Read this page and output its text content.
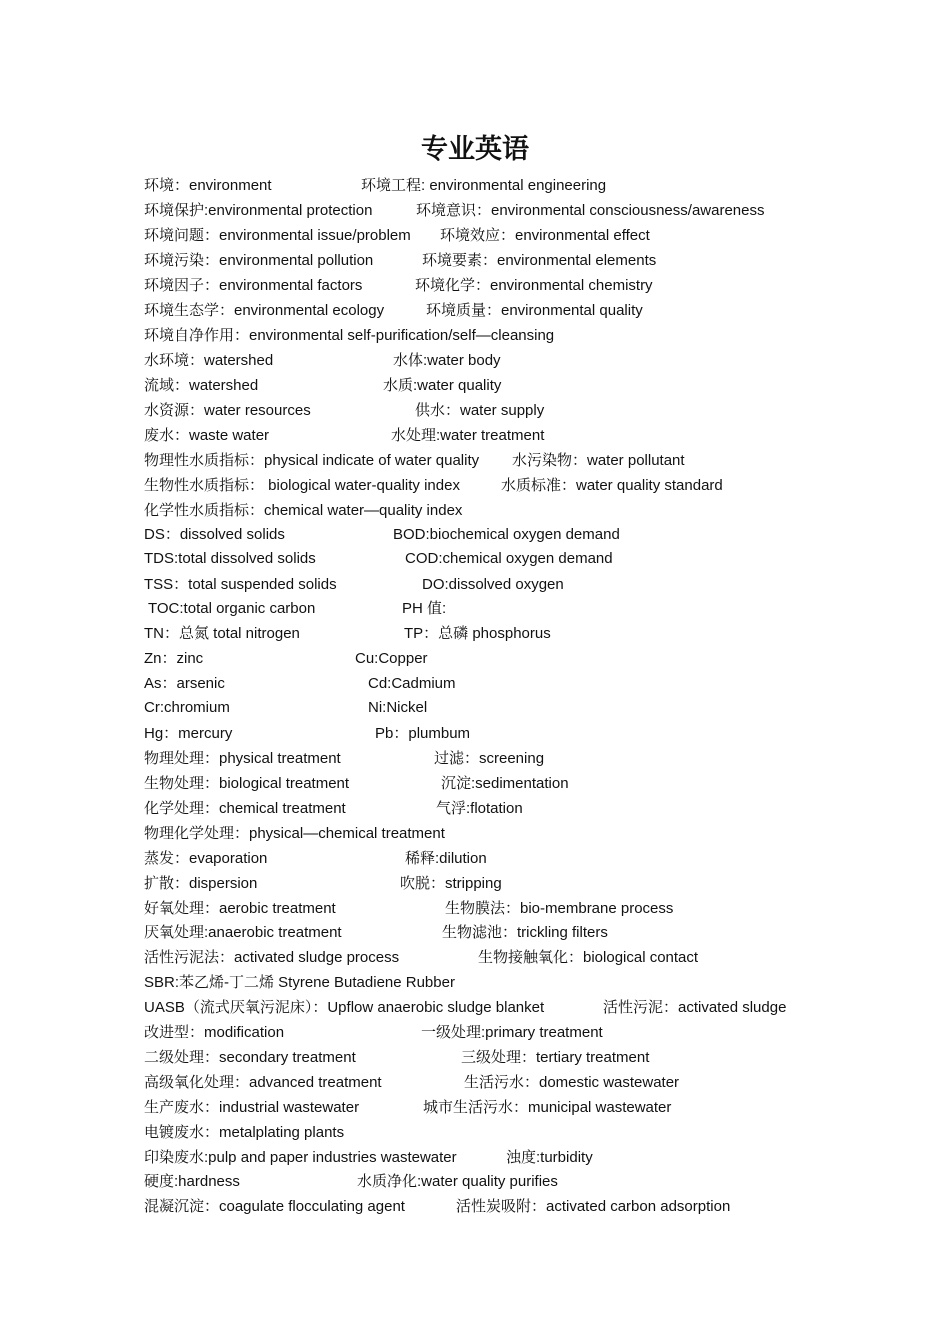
专业英语
环境：environment	环境工程: environmental engineering
环境保护:environmental protection	环境意识：environmental consciousness/awareness
环境问题：environmental issue/problem 环境效应：environmental effect
环境污染：environmental pollution	环境要素：environmental elements
环境因子：environmental factors	环境化学：environmental chemistry
环境生态学：environmental ecology	环境质量：environmental quality
环境自净作用：environmental self-purification/self—cleansing
水环境：watershed	水体:water body
流域：watershed	水质:water quality
水资源：water resources	供水：water supply
废水：waste water	水处理:water treatment
物理性水质指标：physical indicate of water quality 水污染物：water pollutant
生物性水质指标： biological water-quality index	水质标准：water quality standard
化学性水质指标：chemical water—quality index
DS：dissolved solids	BOD:biochemical oxygen demand
TDS:total dissolved solids	COD:chemical oxygen demand
TSS：total suspended solids	DO:dissolved oxygen
TOC:total organic carbon	PH 值:
TN：总氮 total nitrogen	TP：总磷 phosphorus
Zn：zinc	Cu:Copper
As：arsenic	Cd:Cadmium
Cr:chromium	Ni:Nickel
Hg：mercury	Pb：plumbum
物理处理：physical treatment	过滤：screening
生物处理：biological treatment	沉淀:sedimentation
化学处理：chemical treatment	气浮:flotation
物理化学处理：physical—chemical treatment
蒸发：evaporation	稀释:dilution
扩散：dispersion	吹脱：stripping
好氧处理：aerobic treatment	生物膜法：bio-membrane process
厌氧处理:anaerobic treatment	生物滤池：trickling filters
活性污泥法：activated sludge process	生物接触氧化：biological contact
SBR:苯乙烯-丁二烯 Styrene Butadiene Rubber
UASB（流式厌氧污泥床）：Upflow anaerobic sludge blanket	活性污泥：activated sludge
改进型：modification	一级处理:primary treatment
二级处理：secondary treatment	三级处理：tertiary treatment
高级氧化处理：advanced treatment	生活污水：domestic wastewater
生产废水：industrial wastewater	城市生活污水：municipal wastewater
电镀废水：metalplating plants
印染废水:pulp and paper industries wastewater	浊度:turbidity
硬度:hardness	水质净化:water quality purifies
混凝沉淀：coagulate flocculating agent	活性炭吸附：activated carbon adsorption
